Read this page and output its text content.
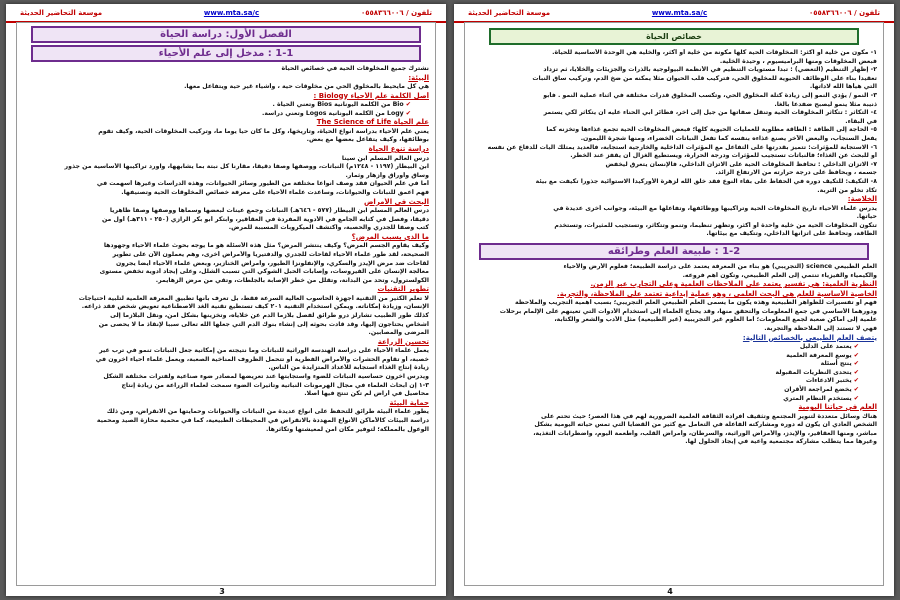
تلفون / ٠٥٥٨٣٦٦٠٠٦
www.mta.sa/c
موسعة التحاضير الحديثة
الفصل الأول: دراسة الحياة
1-1 : مدخل إلى علم الأحياء
نشترك جميع المخلوقات الحية في خصائص الحياة
البيئة:
هي كل مايحيط بالمخلوق الحي من مخلوقات حية ، وأشياء غير حية ويتفاعل معها.
أصل الكلمة علم الأحياء Biology :
✔ Bio من الكلمة اليونانية Bios وتعني الحياة .
✔ Logy من الكلمة اليونانية Logos وتعني دراسة.
علم الحياة The Science of Life
يعني علم الأحياء بدراسة أنواع الحياة، وتاريخها، وكل ما كان حيا يوما ما، وتركيب المخلوقات الحية، وكيف تقوم
بوظائفها، وكيف يتفاعل بعضها مع بعض.
دراسة تنوع الحياة
درس العالم المسلم ابن سينا
ابن البيطار (١١٩٧ - ١٢٤٨م) النباتات، ووصفها وصفا دقيقا، مقارنا كل نبتة بما يشابهها، واورد تراكيبها الأساسية من جذور
وساق وأوراق وأزهار وثمار.
أما في علم الحيوان فقد وصف أنواعا مختلفة من الطيور وسائر الحيوانات، وهذه الدراسات وغيرها أسهمت في
فهم أعمق للنباتات والحيوانات، وساعدت علماء الأحياء على معرفة خصائص المخلوقات الحية وتصنيفها.
البحث في الأمراض
درس العالم المسلم ابن البيطار (٥٧٧ - ٦٤٦هـ) النباتات وجمع عينات لبعضها وسماها ووصفها وصفا ظاهريا
دقيقا، وفصل في كتابه الجامع في الأدوية المفردة في العقاقير، وابتكر أبو بكر الرازي (٢٥٠ - ٣١١هـ) أول من
كتب وصفا للجدري والحصبة، واكتشف الميكروبات المسببة للمرض.
ما الذي يسبب المرض؟
وكيف يقاوم الجسم المرض؟ وكيف ينتشر المرض؟ مثل هذه الأسئلة هو ما يوجه بحوث علماء الأحياء وجهودها
الصحيحة، لقد طور علماء الأحياء لقاحات للجدري والدفتيريا والأمراض أخرى، وهم يعملون الآن على تطوير
لقاحات ضد مرض الإيدز والسكري، والإنفلونزا الطيور، وأمراض الخنازير، وبعض علماء الأحياء أيضا يجرون
معالجة الإنسان على الفيروسات، وإصابات الحبل الشوكي التي تسبب الشلل، وعلى إيجاد أدوية تخفض مستوى
الكولسترول، وتحد من البدانة، وتقلل من خطر الإصابة بالجلطات، وتقي من مرض الزهايمر.
تطوير التقنيات
لا تعلم الكثير من التقنية أجهزة الحاسوب العالية السرعة فقط، بل تعرف بأنها تطبيق المعرفة العلمية لتلبية احتياجات
الإنسان، وزيادة إمكاناته. ويمكن استخدام التقنية ٢٠١ كيف تستطيع تقنية الغد الاصطناعية تعويض شخص فقد ذراعه.
كذلك طور الطبيب تشارلز درو طرائق لفصل بلازما الدم عن خلاياه، وتخزينها بشكل آمن، ونقل البلازما إلى
أشخاص يحتاجون إليها، وقد قادت بحوثه إلى إنشاء بنوك الدم التي جعلها الله تعالى سببا لإنقاذ ما لا يحصى من
المرضى والمصابين.
تحسين الزراعة
يعمل علماء الأحياء على دراسة الهندسة الوراثية للنباتات وما نتيجته من إمكانية جعل النباتات تنمو في ترب غير
خصبة، أو تقاوم الحشرات والأمراض الفطرية أو تتحمل الظروف المناخية الصعبة، ويعمل علماء أحياء آخرون في
زيادة إنتاج الغذاء استجابة للأعداد المتزايدة من الناس.
ويدرس آخرون حساسية النباتات للضوء واستجابتها عند تعريضها لمصادر ضوء صناعية ولفترات مختلفة الشكل
٣-١ إن أبحاث العلماء في مجال الهرمونات النباتية وتأثيرات الضوء سمحت لعلماء الزراعة من زيادة إنتاج
محاصيل في أراض لم تكن تنتج فيها أصلا.
حماية البيئة
يطور علماء البيئة طرائق للتحفظ على أنواع عديدة من النباتات والحيوانات وحمايتها من الانقراض، ومن ذلك
دراسة البيئات كالأماكن الأنواع المهددة بالانقراض في المحيطات الطبيعية، كما في محمية محازة الصيد ومحمية
الوعول بالمملكة؛ لتوفير مكان آمن لمعيشتها وتكاثرها.
3
تلفون / ٠٥٥٨٣٦٦٠٠٦
www.mta.sa/c
موسعة التحاضير الحديثة
خصائص الحياة
١- مكون من خلية أو اكثر: المخلوقات الحية كلها مكونة من خلية أو أكثر، والخلية هي الوحدة الأساسية للحياة.
فبعض المخلوقات ومنها البراميسيوم ، وحيدة الخلية.
٢- إظهار التنظيم (التعضي) : تبدأ مستويات التنظيم في الأنظمة البيولوجية بالذرات والجزيئات والخلايا، ثم تزداد
تعقيدا بناء على الوظائف الحيوية للمخلوق الحي، فتركيب قلب الحيوان مثلا يمكنه من ضخ الدم، وتركيب ساق النبات
التي هيأها الله لاداتها.
٣- النمو / يؤدي النمو إلى زيادة كتلة المخلوق الحي، وتكسب المخلوق قدرات مختلفة في أثناء عملية النمو . فأبو
ذنيبة مثلا ينمو ليصبح ضفدعا بالغا.
٤- التكاثر : تتكاثر المخلوقات الحية وتنقل صفاتها من جيل إلى آخر، فطائر أبي الحناء عليه أن يتكاثر لكي يستمر
في البقاء.
٥- الحاجة إلى الطاقة : الطاقة مطلوبة للعمليات الحيوية كلها؛ فبعض المخلوقات الحية تجمع غذاءها وتخزنه كما
يفعل السنجاب، والبعض الآخر يصنع غذاءه بنفسه كما تفعل النباتات الخضراء، ومنها شجرة الليمون.
٦- الاستجابة للمؤثرات: تتميز بقدرتها على التفاعل مع المؤثرات الداخلية والخارجية استجابة، فالعديد يمتلك آليات للدفاع عن نفسه
أو للبحث عن الغذاء؛ فالنباتات تستجيب للمؤثرات ودرجة الحرارة، ويستطيع الغزال أن يقفز عند الخطر.
٧- الاتزان الداخلي : تحافظ المخلوقات الحية على الاتزان الداخلي، فالإنسان يتعرق ليخفض
جسمه ، ويحافظ على درجة حرارته من الارتفاع الزائد.
٨- التكيف: للتكيف دوره في الحفاظ على بقاء النوع فقد خلق الله لزهرة الأوركيدا الاستوائية جذورا تكيفت مع بيئة
تكاد تخلو من التربة.
الخلاصة:
يدرس علماء الأحياء تاريخ المخلوقات الحية وتراكيبها ووظائفها، وتفاعلها مع البيئة، وجوانب أخرى عديدة في
حياتها.
تتكون المخلوقات الحية من خلية واحدة أو أكثر، وتظهر تنظيما، وتنمو وتتكاثر، وتستجيب للمثيرات، وتستخدم
الطاقة، وتحافظ على اتزانها الداخلي، وتتكيف مع بيئاتها.
1-2 : طبيعة العلم وطرائقه
العلم الطبيعي science (التجريبي) هو بناء من المعرفة يعتمد على دراسة الطبيعة؛ فعلوم الأرض والأحياء
والكيمياء والفيزياء تنتمي إلى العلم الطبيعي، وتكون أهم فروعه.
النظرية العلمية: هي تفسير يعتمد على الملاحظات العلمية وعلى التجارب عبر الزمن.
الخاصية الأساسية للعلم هي البحث العلمي ، وهو عملية إبداعية تعتمد على الملاحظة، والتجربة.
فهم أو تفسيرات للظواهر الطبيعية وهذه يكون ما يسمى العلم الطبيعي العلم التجريبي؛ بسبب أهمية التجريب والملاحظة
ودورهما الأساسي في جمع المعلومات والتحقق منها، وقد يحتاج العلماء إلى استخدام الأدوات التي تعينهم على الإلمام برحلات
علمية إلى أماكن صعبة لجمع المعلومات؛ أما العلوم غير التجريبية (غير الطبيعية) مثل الأدب والشعر والكتابة،
فهي لا تستند إلى الملاحظة والتجربة.
يتصف العلم الطبيعي بالخصائص التالية:
✔ يعتمد على الدليل
✔ يوسع المعرفة العلمية
✔ ينتج أسئلة
✔ يتحدى النظريات المقبولة
✔ يختبر الادعاءات
✔ يخضع لمراجعة الأقران
✔ يستخدم النظام المتري
العلم في حياتنا اليومية
هناك وسائل متعددة لتنوير المجتمع وتثقيف أفراده الثقافة العلمية الضرورية لهم في هذا العصر؛ حيث تحتم على
الشخص العادي أن يكون له دوره ومشاركته الفاعلة في التعامل مع كثير من القضايا التي تمس حياته اليومية بشكل
مباشر، ومنها العقاقير، والإيدز، والأمراض الوراثية، والسرطان، وأمراض القلب، وأطعمة اليوم، واضطرابات التغذية،
وغيرها مما يتطلب مشاركة مجتمعية واعية في إيجاد الحلول لها.
4
